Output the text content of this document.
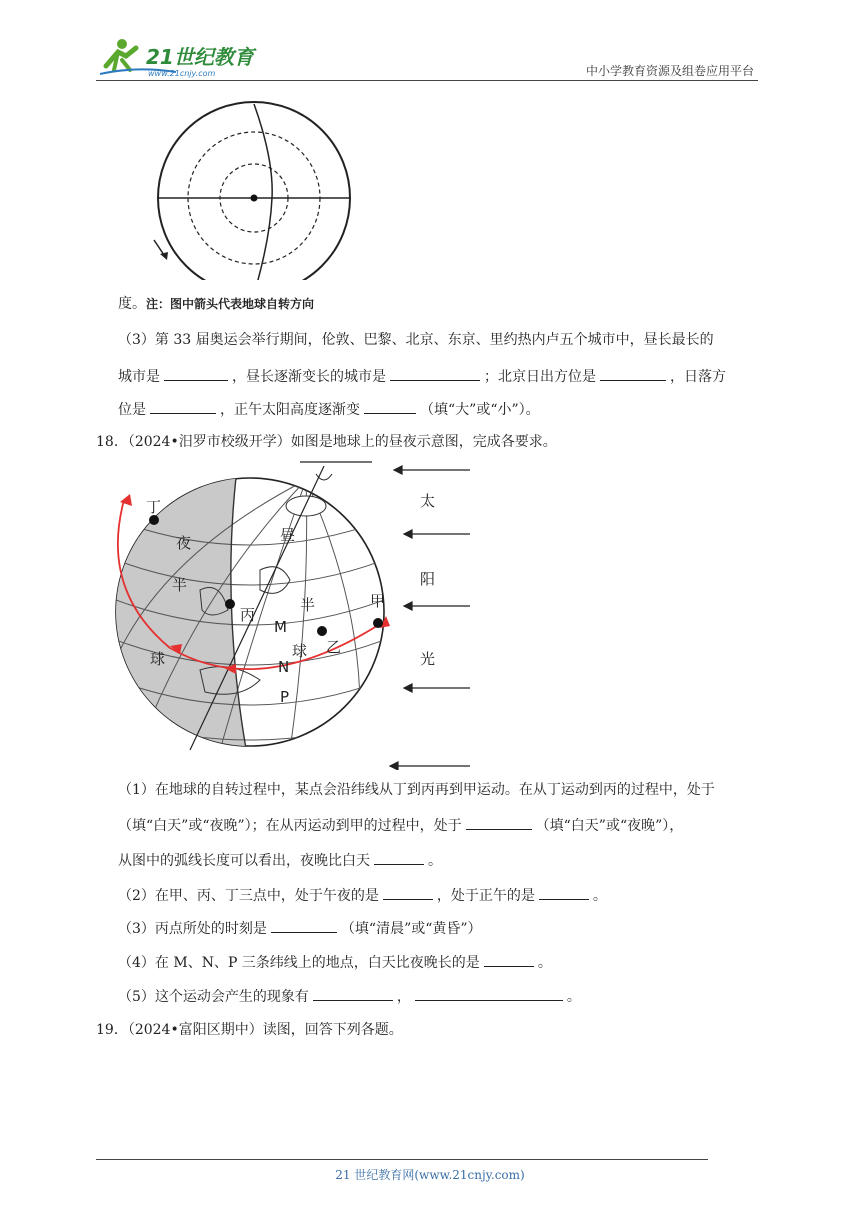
21世纪教育
www.21cnjy.com	中小学教育资源及组卷应用平台
度。注：图中箭头代表地球自转方向
（3）第 33 届奥运会举行期间，伦敦、巴黎、北京、东京、里约热内卢五个城市中，昼长最长的
城市是	，昼长逐渐变长的城市是	；北京日出方位是	，日落方
位是	，正午太阳高度逐渐变	（填“大”或“小”）。
18．（2024•汨罗市校级开学）如图是地球上的昼夜示意图，完成各要求。
丁
夜
半
球
丙
昼
半
球 乙
甲
M
N
P
太
阳
光
（1）在地球的自转过程中，某点会沿纬线从丁到丙再到甲运动。在从丁运动到丙的过程中，处于
（填“白天”或“夜晚”）；在从丙运动到甲的过程中，处于	（填“白天”或“夜晚”），
从图中的弧线长度可以看出，夜晚比白天	。
（2）在甲、丙、丁三点中，处于午夜的是	，处于正午的是	。
（3）丙点所处的时刻是	（填“清晨”或“黄昏”）
（4）在 M、N、P 三条纬线上的地点，白天比夜晚长的是	。
（5）这个运动会产生的现象有	，	。
19．（2024•富阳区期中）读图，回答下列各题。
21 世纪教育网(www.21cnjy.com)
